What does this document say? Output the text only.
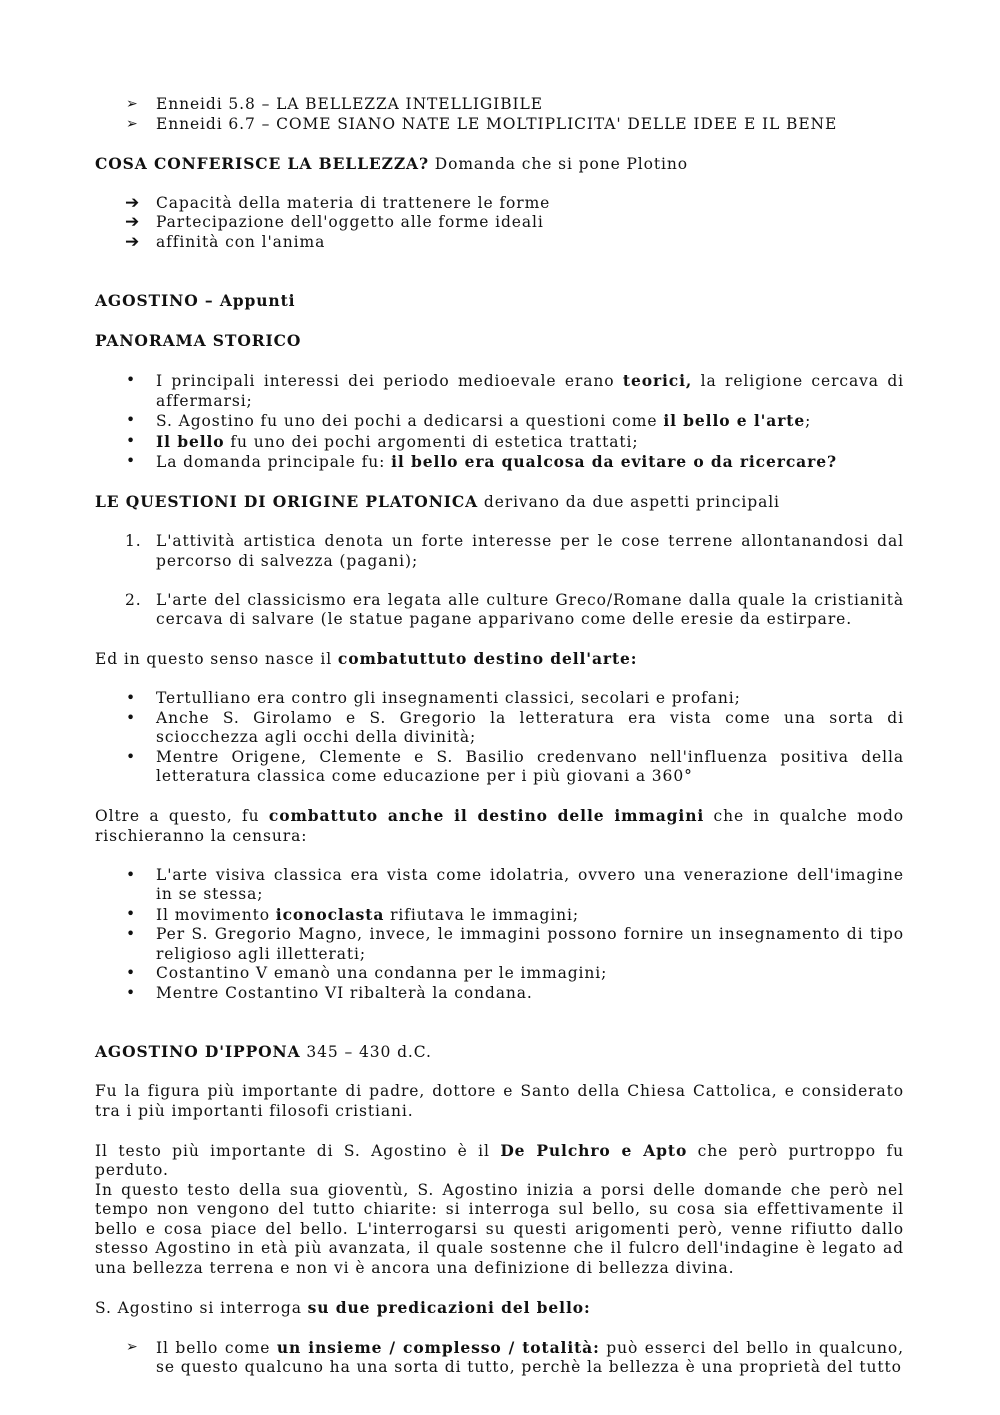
➢ Enneidi 5.8 – LA BELLEZZA INTELLIGIBILE
➢ Enneidi 6.7 – COME SIANO NATE LE MOLTIPLICITA' DELLE IDEE E IL BENE

COSA CONFERISCE LA BELLEZZA? Domanda che si pone Plotino

➔ Capacità della materia di trattenere le forme
➔ Partecipazione dell'oggetto alle forme ideali
➔ affinità con l'anima

AGOSTINO – Appunti

PANORAMA STORICO

• I principali interessi dei periodo medioevale erano teorici, la religione cercava di affermarsi;
• S. Agostino fu uno dei pochi a dedicarsi a questioni come il bello e l'arte;
• Il bello fu uno dei pochi argomenti di estetica trattati;
• La domanda principale fu: il bello era qualcosa da evitare o da ricercare?

LE QUESTIONI DI ORIGINE PLATONICA derivano da due aspetti principali

1. L'attività artistica denota un forte interesse per le cose terrene allontanandosi dal percorso di salvezza (pagani);
2. L'arte del classicismo era legata alle culture Greco/Romane dalla quale la cristianità cercava di salvare (le statue pagane apparivano come delle eresie da estirpare.

Ed in questo senso nasce il combatuttuto destino dell'arte:

• Tertulliano era contro gli insegnamenti classici, secolari e profani;
• Anche S. Girolamo e S. Gregorio la letteratura era vista come una sorta di sciocchezza agli occhi della divinità;
• Mentre Origene, Clemente e S. Basilio credenvano nell'influenza positiva della letteratura classica come educazione per i più giovani a 360°

Oltre a questo, fu combattuto anche il destino delle immagini che in qualche modo rischieranno la censura:

• L'arte visiva classica era vista come idolatria, ovvero una venerazione dell'imagine in se stessa;
• Il movimento iconoclasta rifiutava le immagini;
• Per S. Gregorio Magno, invece, le immagini possono fornire un insegnamento di tipo religioso agli illetterati;
• Costantino V emanò una condanna per le immagini;
• Mentre Costantino VI ribalterà la condana.

AGOSTINO D'IPPONA 345 – 430 d.C.

Fu la figura più importante di padre, dottore e Santo della Chiesa Cattolica, e considerato tra i più importanti filosofi cristiani.

Il testo più importante di S. Agostino è il De Pulchro e Apto che però purtroppo fu perduto.

In questo testo della sua gioventù, S. Agostino inizia a porsi delle domande che però nel tempo non vengono del tutto chiarite: si interroga sul bello, su cosa sia effettivamente il bello e cosa piace del bello. L'interrogarsi su questi arigomenti però, venne rifiutto dallo stesso Agostino in età più avanzata, il quale sostenne che il fulcro dell'indagine è legato ad una bellezza terrena e non vi è ancora una definizione di bellezza divina.

S. Agostino si interroga su due predicazioni del bello:

➢ Il bello come un insieme / complesso / totalità: può esserci del bello in qualcuno, se questo qualcuno ha una sorta di tutto, perchè la bellezza è una proprietà del tutto
